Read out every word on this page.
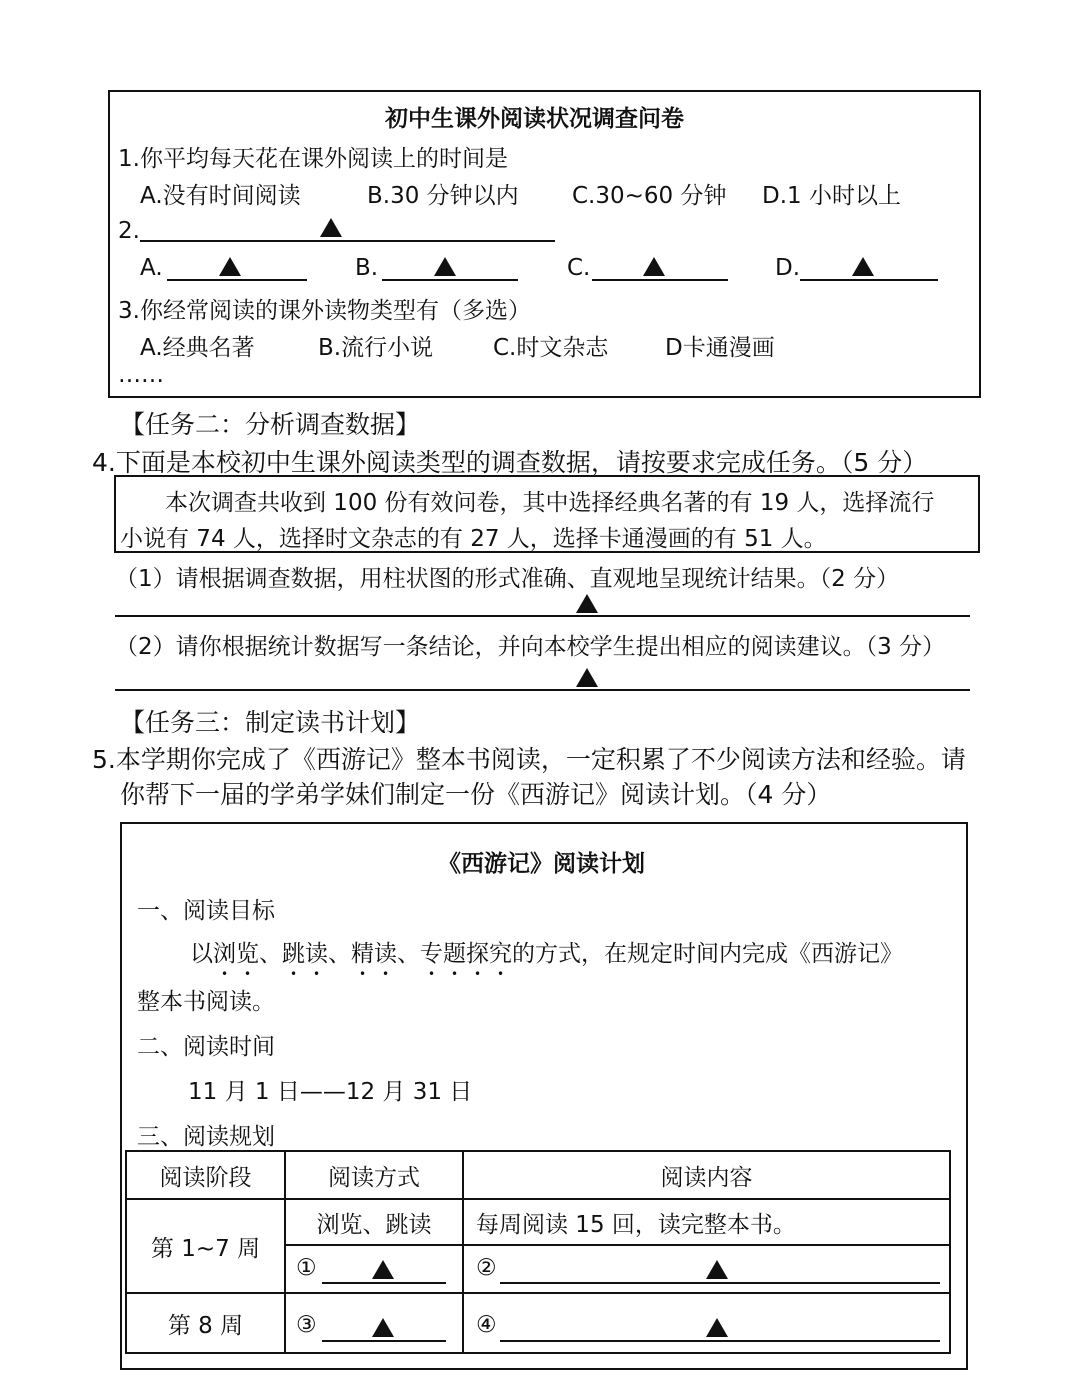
初中生课外阅读状况调查问卷
1.你平均每天花在课外阅读上的时间是
A.没有时间阅读	B.30 分钟以内 C.30~60 分钟 D.1 小时以上
2.
A.	B.	C.	D.
3.你经常阅读的课外读物类型有（多选）
A.经典名著	B.流行小说	C.时文杂志 D卡通漫画
……
【任务二：分析调查数据】
4.下面是本校初中生课外阅读类型的调查数据，请按要求完成任务。（5 分）
本次调查共收到 100 份有效问卷，其中选择经典名著的有 19 人，选择流行
小说有 74 人，选择时文杂志的有 27 人，选择卡通漫画的有 51 人。
（1）请根据调查数据，用柱状图的形式准确、直观地呈现统计结果。（2 分）
（2）请你根据统计数据写一条结论，并向本校学生提出相应的阅读建议。（3 分）
【任务三：制定读书计划】
5.本学期你完成了《西游记》整本书阅读，一定积累了不少阅读方法和经验。请
你帮下一届的学弟学妹们制定一份《西游记》阅读计划。（4 分）
《西游记》阅读计划
一、阅读目标
以浏览、跳读、精读、专题探究的方式，在规定时间内完成《西游记》
整本书阅读。
二、阅读时间
11 月 1 日——12 月 31 日
三、阅读规划
阅读阶段	阅读方式	阅读内容
第 1~7 周	浏览、跳读	每周阅读 15 回，读完整本书。

	①	②

第 8 周	③	④
